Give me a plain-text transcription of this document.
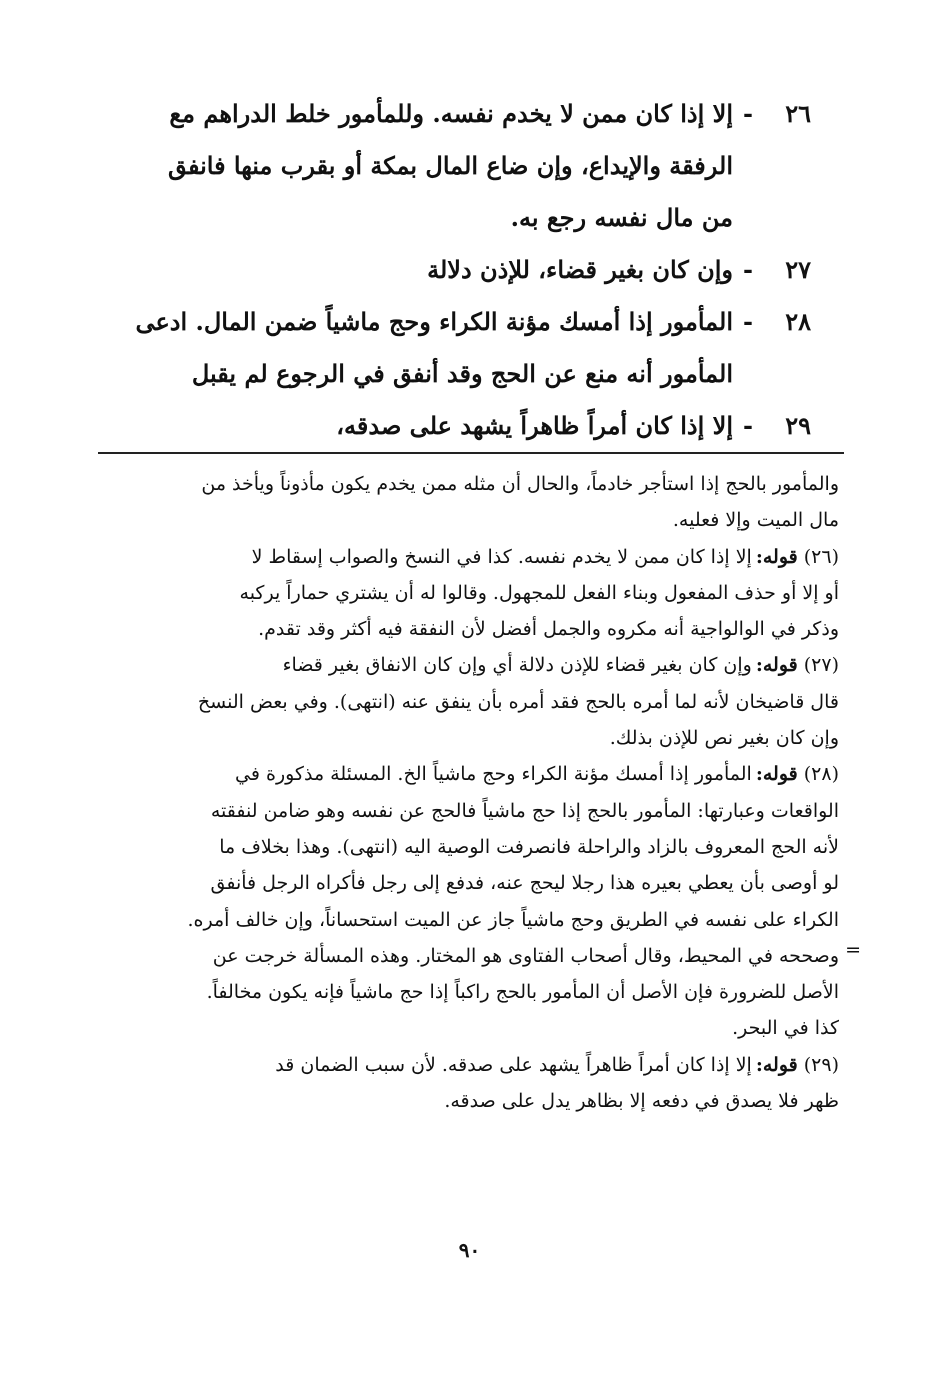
٢٦
-
إلا إذا كان ممن لا يخدم نفسه. وللمأمور خلط الدراهم مع
الرفقة والإيداع، وإن ضاع المال بمكة أو بقرب منها فانفق
من مال نفسه رجع به.
٢٧
-
وإن كان بغير قضاء، للإذن دلالة
٢٨
-
المأمور إذا أمسك مؤنة الكراء وحج ماشياً ضمن المال. ادعى
المأمور أنه منع عن الحج وقد أنفق في الرجوع لم يقبل
٢٩
-
إلا إذا كان أمراً ظاهراً يشهد على صدقه،
=
والمأمور بالحج إذا استأجر خادماً، والحال أن مثله ممن يخدم يكون مأذوناً ويأخذ من
مال الميت وإلا فعليه.
(٢٦)قوله:إلا إذا كان ممن لا يخدم نفسه. كذا في النسخ والصواب إسقاط لا
أو إلا أو حذف المفعول وبناء الفعل للمجهول. وقالوا له أن يشتري حماراً يركبه
وذكر في الوالواجية أنه مكروه والجمل أفضل لأن النفقة فيه أكثر وقد تقدم.
(٢٧)قوله:وإن كان بغير قضاء للإذن دلالة أي وإن كان الانفاق بغير قضاء
قال قاضيخان لأنه لما أمره بالحج فقد أمره بأن ينفق عنه (انتهى). وفي بعض النسخ
وإن كان بغير نص للإذن بذلك.
(٢٨)قوله:المأمور إذا أمسك مؤنة الكراء وحج ماشياً الخ. المسئلة مذكورة في
الواقعات وعبارتها: المأمور بالحج إذا حج ماشياً فالحج عن نفسه وهو ضامن لنفقته
لأنه الحج المعروف بالزاد والراحلة فانصرفت الوصية اليه (انتهى). وهذا بخلاف ما
لو أوصى بأن يعطي بعيره هذا رجلا ليحج عنه، فدفع إلى رجل فأكراه الرجل فأنفق
الكراء على نفسه في الطريق وحج ماشياً جاز عن الميت استحساناً، وإن خالف أمره.
وصححه في المحيط، وقال أصحاب الفتاوى هو المختار. وهذه المسألة خرجت عن
الأصل للضرورة فإن الأصل أن المأمور بالحج راكباً إذا حج ماشياً فإنه يكون مخالفاً.
كذا في البحر.
(٢٩)قوله:إلا إذا كان أمراً ظاهراً يشهد على صدقه. لأن سبب الضمان قد
ظهر فلا يصدق في دفعه إلا بظاهر يدل على صدقه.
٩٠
